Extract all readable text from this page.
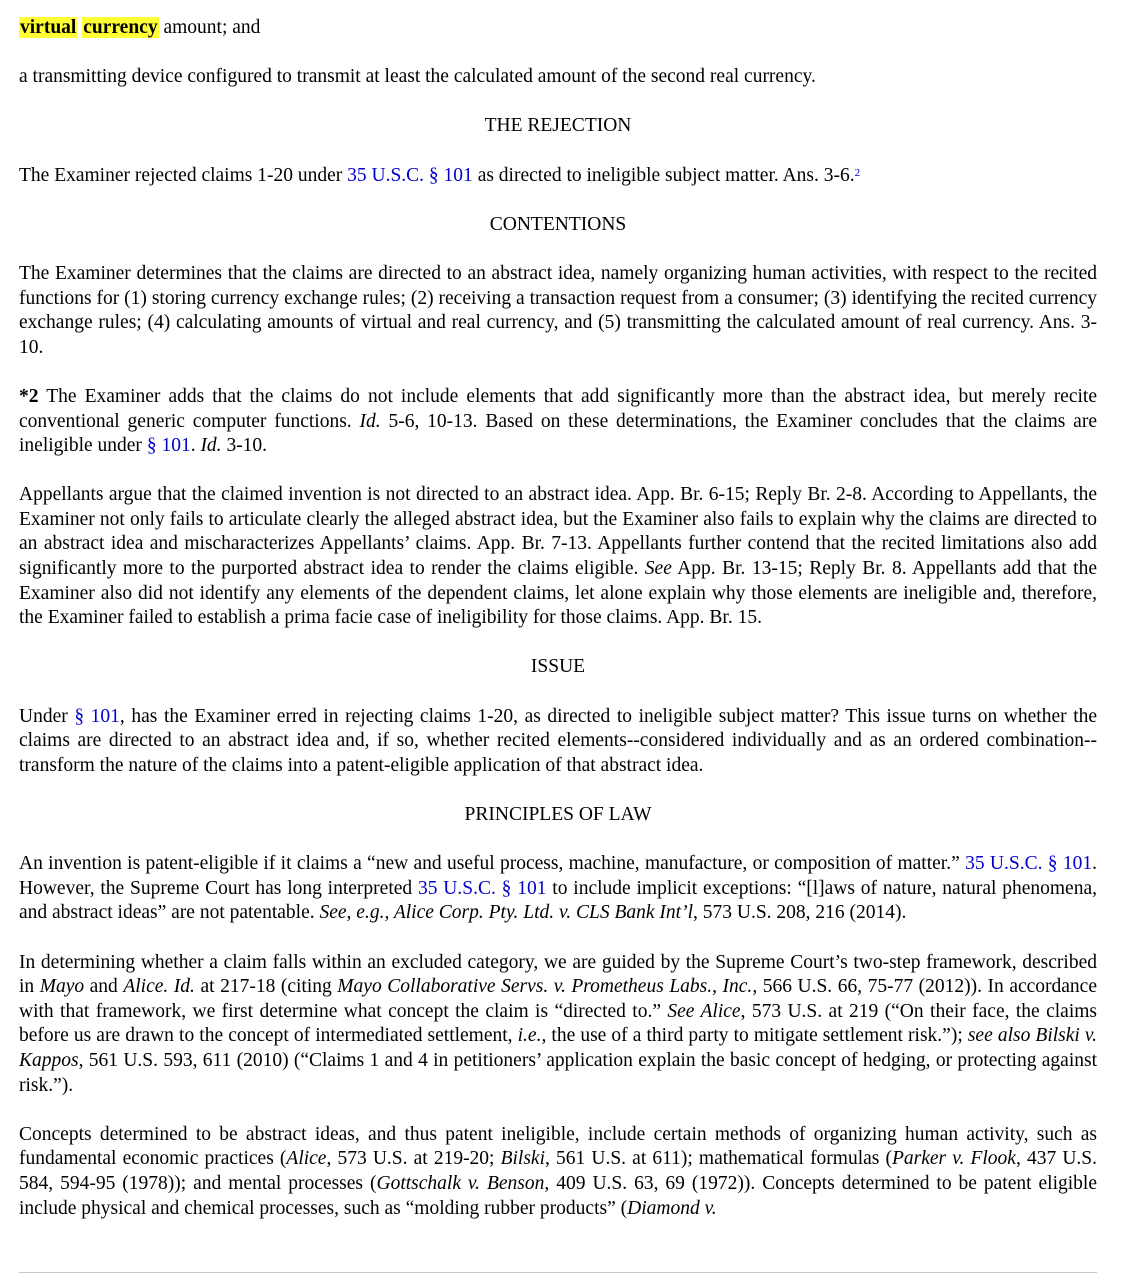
virtual currency amount; and

a transmitting device configured to transmit at least the calculated amount of the second real currency.

THE REJECTION

The Examiner rejected claims 1-20 under 35 U.S.C. § 101 as directed to ineligible subject matter. Ans. 3-6.$^2$

CONTENTIONS

The Examiner determines that the claims are directed to an abstract idea, namely organizing human activities, with respect to the recited functions for (1) storing currency exchange rules; (2) receiving a transaction request from a consumer; (3) identifying the recited currency exchange rules; (4) calculating amounts of virtual and real currency, and (5) transmitting the calculated amount of real currency. Ans. 3-10.

*2 The Examiner adds that the claims do not include elements that add significantly more than the abstract idea, but merely recite conventional generic computer functions. Id. 5-6, 10-13. Based on these determinations, the Examiner concludes that the claims are ineligible under § 101. Id. 3-10.

Appellants argue that the claimed invention is not directed to an abstract idea. App. Br. 6-15; Reply Br. 2-8. According to Appellants, the Examiner not only fails to articulate clearly the alleged abstract idea, but the Examiner also fails to explain why the claims are directed to an abstract idea and mischaracterizes Appellants’ claims. App. Br. 7-13. Appellants further contend that the recited limitations also add significantly more to the purported abstract idea to render the claims eligible. See App. Br. 13-15; Reply Br. 8. Appellants add that the Examiner also did not identify any elements of the dependent claims, let alone explain why those elements are ineligible and, therefore, the Examiner failed to establish a prima facie case of ineligibility for those claims. App. Br. 15.

ISSUE

Under § 101, has the Examiner erred in rejecting claims 1-20, as directed to ineligible subject matter? This issue turns on whether the claims are directed to an abstract idea and, if so, whether recited elements--considered individually and as an ordered combination--transform the nature of the claims into a patent-eligible application of that abstract idea.

PRINCIPLES OF LAW

An invention is patent-eligible if it claims a “new and useful process, machine, manufacture, or composition of matter.” 35 U.S.C. § 101. However, the Supreme Court has long interpreted 35 U.S.C. § 101 to include implicit exceptions: “[l]aws of nature, natural phenomena, and abstract ideas” are not patentable. See, e.g., Alice Corp. Pty. Ltd. v. CLS Bank Int’l, 573 U.S. 208, 216 (2014).

In determining whether a claim falls within an excluded category, we are guided by the Supreme Court’s two-step framework, described in Mayo and Alice. Id. at 217-18 (citing Mayo Collaborative Servs. v. Prometheus Labs., Inc., 566 U.S. 66, 75-77 (2012)). In accordance with that framework, we first determine what concept the claim is “directed to.” See Alice, 573 U.S. at 219 (“On their face, the claims before us are drawn to the concept of intermediated settlement, i.e., the use of a third party to mitigate settlement risk.”); see also Bilski v. Kappos, 561 U.S. 593, 611 (2010) (“Claims 1 and 4 in petitioners’ application explain the basic concept of hedging, or protecting against risk.”).

Concepts determined to be abstract ideas, and thus patent ineligible, include certain methods of organizing human activity, such as fundamental economic practices (Alice, 573 U.S. at 219-20; Bilski, 561 U.S. at 611); mathematical formulas (Parker v. Flook, 437 U.S. 584, 594-95 (1978)); and mental processes (Gottschalk v. Benson, 409 U.S. 63, 69 (1972)). Concepts determined to be patent eligible include physical and chemical processes, such as “molding rubber products” (Diamond v.
